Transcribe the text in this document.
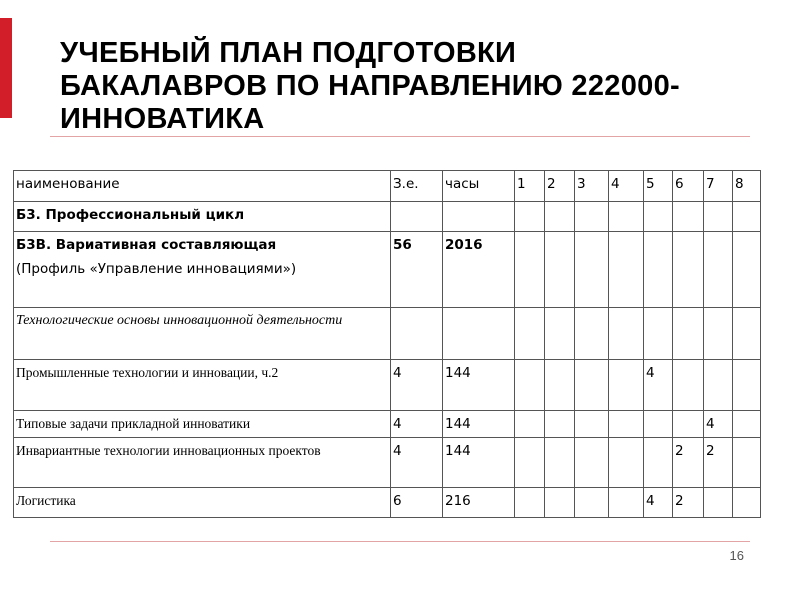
УЧЕБНЫЙ ПЛАН ПОДГОТОВКИ
БАКАЛАВРОВ ПО НАПРАВЛЕНИЮ 222000-
ИННОВАТИКА
наименование	З.е.	часы	1	2	3	4	5	6	7	8
Б3. Профессиональный цикл										

Б3В. Вариативная составляющая
(Профиль «Управление инновациями»)	56	2016								
Технологические основы инновационной деятельности										
Промышленные технологии и инновации, ч.2	4	144					4			
Типовые задачи прикладной инноватики	4	144							4	
Инвариантные технологии инновационных проектов	4	144						2	2	
Логистика	6	216					4	2		
16
